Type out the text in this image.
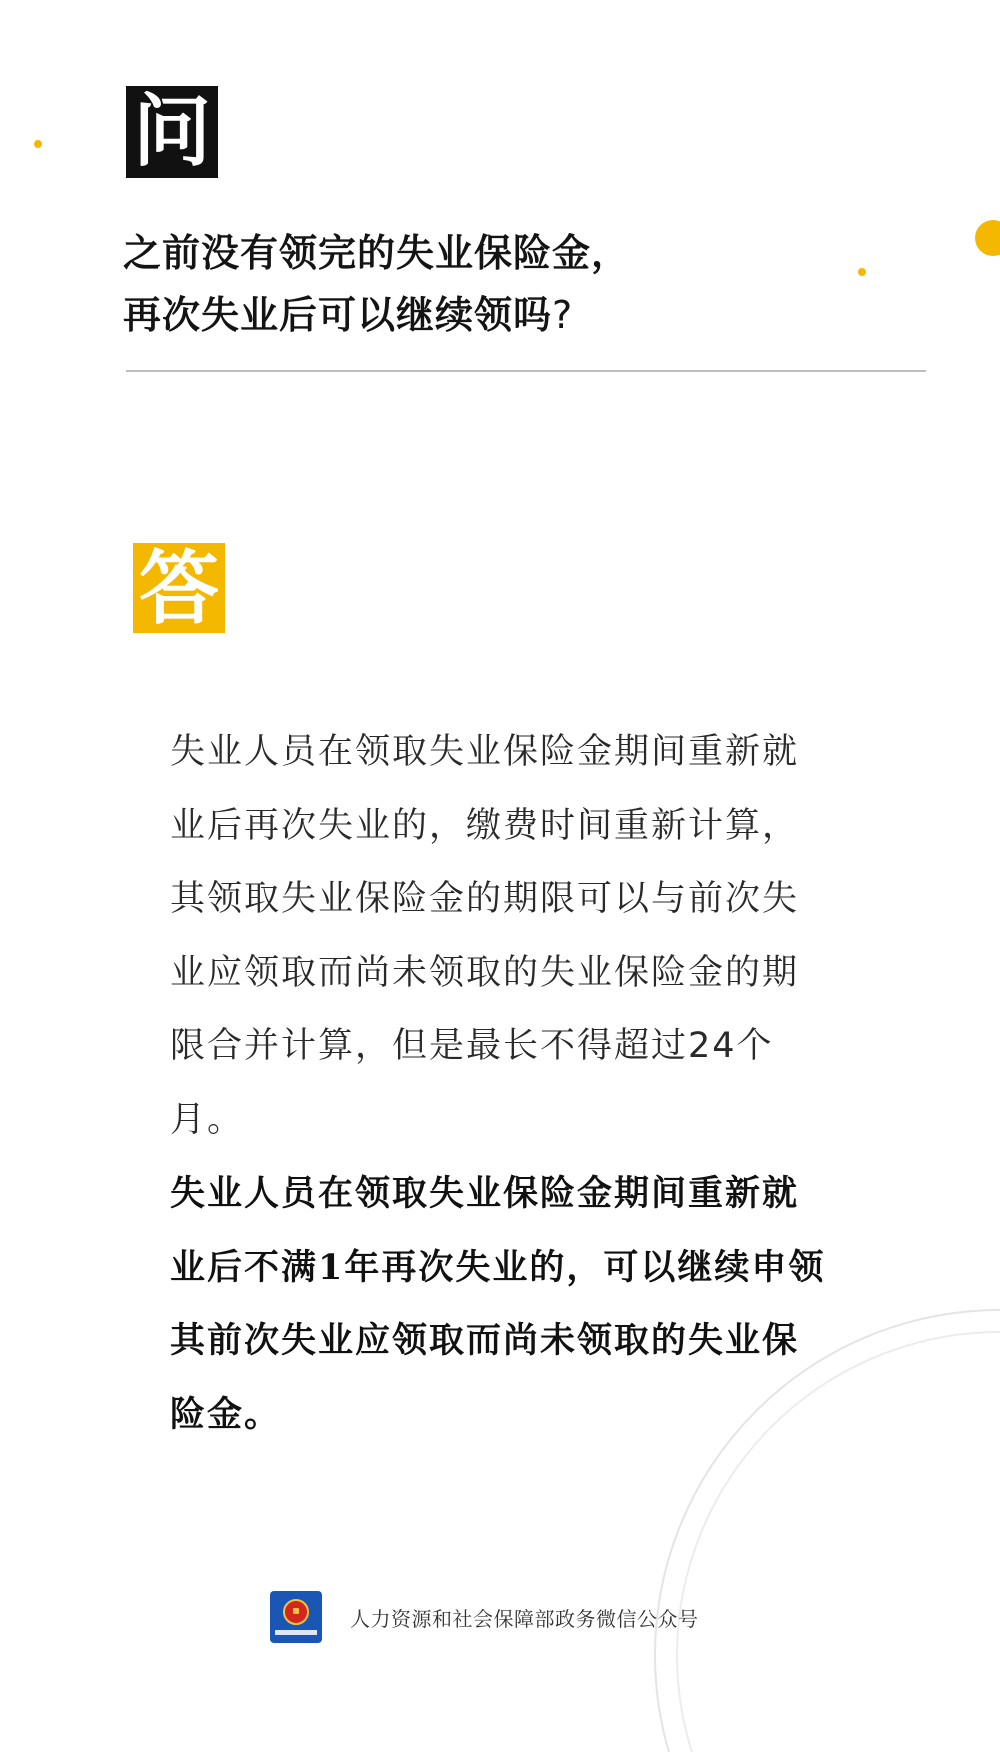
问
之前没有领完的失业保险金，
再次失业后可以继续领吗?
答

失业人员在领取失业保险金期间重新就业后再次失业的，缴费时间重新计算，其领取失业保险金的期限可以与前次失业应领取而尚未领取的失业保险金的期限合并计算，但是最长不得超过24个月。

失业人员在领取失业保险金期间重新就业后不满1年再次失业的，可以继续申领其前次失业应领取而尚未领取的失业保险金。

人力资源和社会保障部政务微信公众号
